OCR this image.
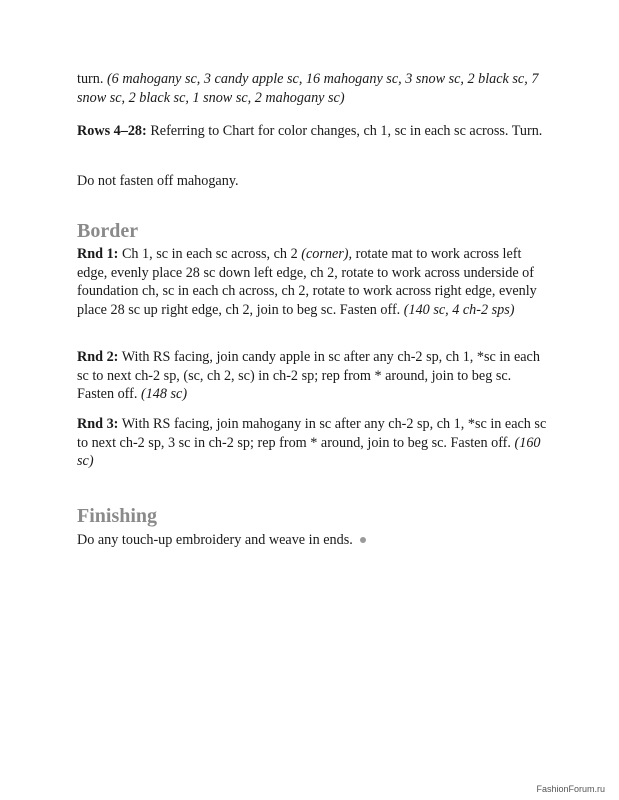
turn. (6 mahogany sc, 3 candy apple sc, 16 mahogany sc, 3 snow sc, 2 black sc, 7 snow sc, 2 black sc, 1 snow sc, 2 mahogany sc)

Rows 4–28: Referring to Chart for color changes, ch 1, sc in each sc across. Turn.

Do not fasten off mahogany.

Border

Rnd 1: Ch 1, sc in each sc across, ch 2 (corner), rotate mat to work across left edge, evenly place 28 sc down left edge, ch 2, rotate to work across underside of foundation ch, sc in each ch across, ch 2, rotate to work across right edge, evenly place 28 sc up right edge, ch 2, join to beg sc. Fasten off. (140 sc, 4 ch-2 sps)

Rnd 2: With RS facing, join candy apple in sc after any ch-2 sp, ch 1, *sc in each sc to next ch-2 sp, (sc, ch 2, sc) in ch-2 sp; rep from * around, join to beg sc. Fasten off. (148 sc)

Rnd 3: With RS facing, join mahogany in sc after any ch-2 sp, ch 1, *sc in each sc to next ch-2 sp, 3 sc in ch-2 sp; rep from * around, join to beg sc. Fasten off. (160 sc)

Finishing

Do any touch-up embroidery and weave in ends.

FashionForum.ru
